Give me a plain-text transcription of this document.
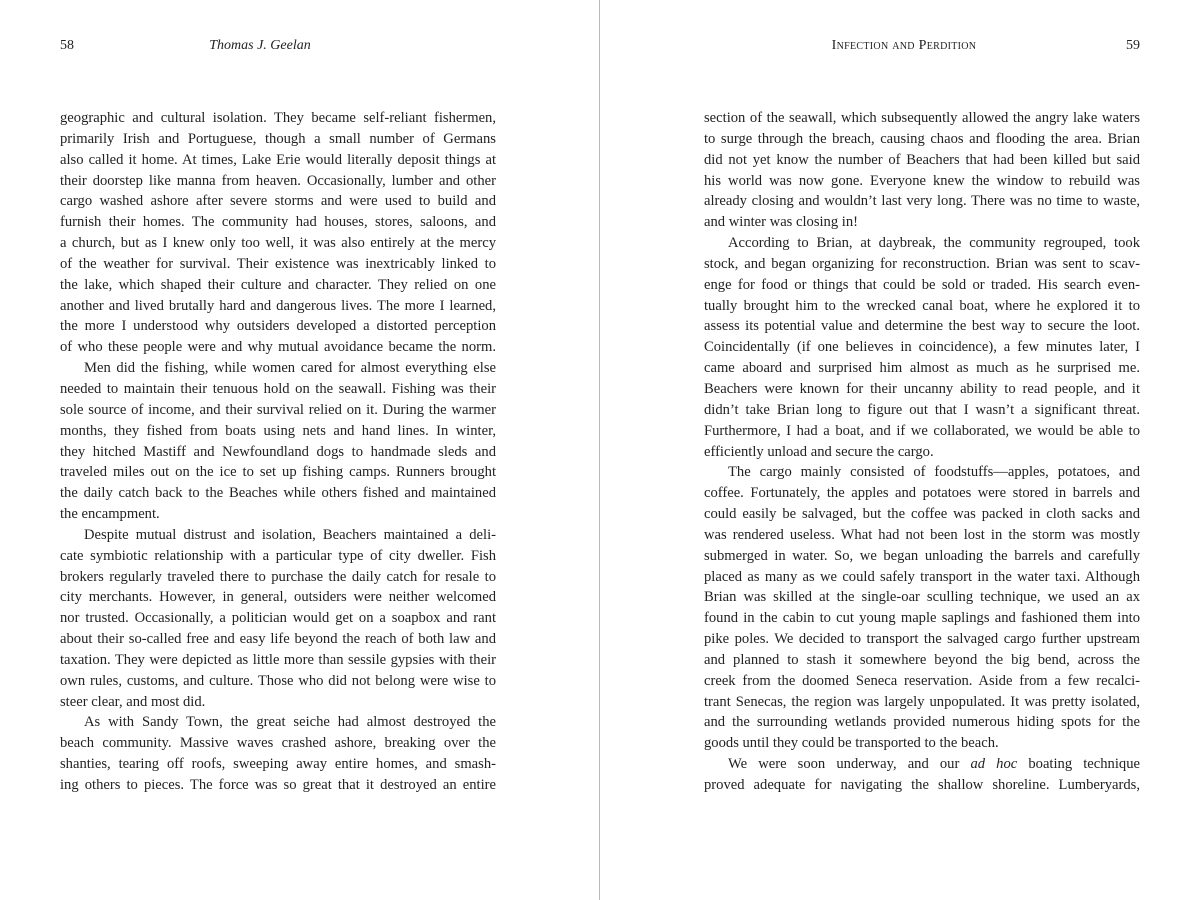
58	Thomas J. Geelan
geographic and cultural isolation. They became self-reliant fishermen,
primarily Irish and Portuguese, though a small number of Germans
also called it home. At times, Lake Erie would literally deposit things at
their doorstep like manna from heaven. Occasionally, lumber and other
cargo washed ashore after severe storms and were used to build and
furnish their homes. The community had houses, stores, saloons, and
a church, but as I knew only too well, it was also entirely at the mercy
of the weather for survival. Their existence was inextricably linked to
the lake, which shaped their culture and character. They relied on one
another and lived brutally hard and dangerous lives. The more I learned,
the more I understood why outsiders developed a distorted perception
of who these people were and why mutual avoidance became the norm.
Men did the fishing, while women cared for almost everything else
needed to maintain their tenuous hold on the seawall. Fishing was their
sole source of income, and their survival relied on it. During the warmer
months, they fished from boats using nets and hand lines. In winter,
they hitched Mastiff and Newfoundland dogs to handmade sleds and
traveled miles out on the ice to set up fishing camps. Runners brought
the daily catch back to the Beaches while others fished and maintained
the encampment.
Despite mutual distrust and isolation, Beachers maintained a deli-
cate symbiotic relationship with a particular type of city dweller. Fish
brokers regularly traveled there to purchase the daily catch for resale to
city merchants. However, in general, outsiders were neither welcomed
nor trusted. Occasionally, a politician would get on a soapbox and rant
about their so-called free and easy life beyond the reach of both law and
taxation. They were depicted as little more than sessile gypsies with their
own rules, customs, and culture. Those who did not belong were wise to
steer clear, and most did.
As with Sandy Town, the great seiche had almost destroyed the
beach community. Massive waves crashed ashore, breaking over the
shanties, tearing off roofs, sweeping away entire homes, and smash-
ing others to pieces. The force was so great that it destroyed an entire
Infection and Perdition	59
section of the seawall, which subsequently allowed the angry lake waters
to surge through the breach, causing chaos and flooding the area. Brian
did not yet know the number of Beachers that had been killed but said
his world was now gone. Everyone knew the window to rebuild was
already closing and wouldn’t last very long. There was no time to waste,
and winter was closing in!
According to Brian, at daybreak, the community regrouped, took
stock, and began organizing for reconstruction. Brian was sent to scav-
enge for food or things that could be sold or traded. His search even-
tually brought him to the wrecked canal boat, where he explored it to
assess its potential value and determine the best way to secure the loot.
Coincidentally (if one believes in coincidence), a few minutes later, I
came aboard and surprised him almost as much as he surprised me.
Beachers were known for their uncanny ability to read people, and it
didn’t take Brian long to figure out that I wasn’t a significant threat.
Furthermore, I had a boat, and if we collaborated, we would be able to
efficiently unload and secure the cargo.
The cargo mainly consisted of foodstuffs—apples, potatoes, and
coffee. Fortunately, the apples and potatoes were stored in barrels and
could easily be salvaged, but the coffee was packed in cloth sacks and
was rendered useless. What had not been lost in the storm was mostly
submerged in water. So, we began unloading the barrels and carefully
placed as many as we could safely transport in the water taxi. Although
Brian was skilled at the single-oar sculling technique, we used an ax
found in the cabin to cut young maple saplings and fashioned them into
pike poles. We decided to transport the salvaged cargo further upstream
and planned to stash it somewhere beyond the big bend, across the
creek from the doomed Seneca reservation. Aside from a few recalci-
trant Senecas, the region was largely unpopulated. It was pretty isolated,
and the surrounding wetlands provided numerous hiding spots for the
goods until they could be transported to the beach.
We were soon underway, and our ad hoc boating technique
proved adequate for navigating the shallow shoreline. Lumberyards,
